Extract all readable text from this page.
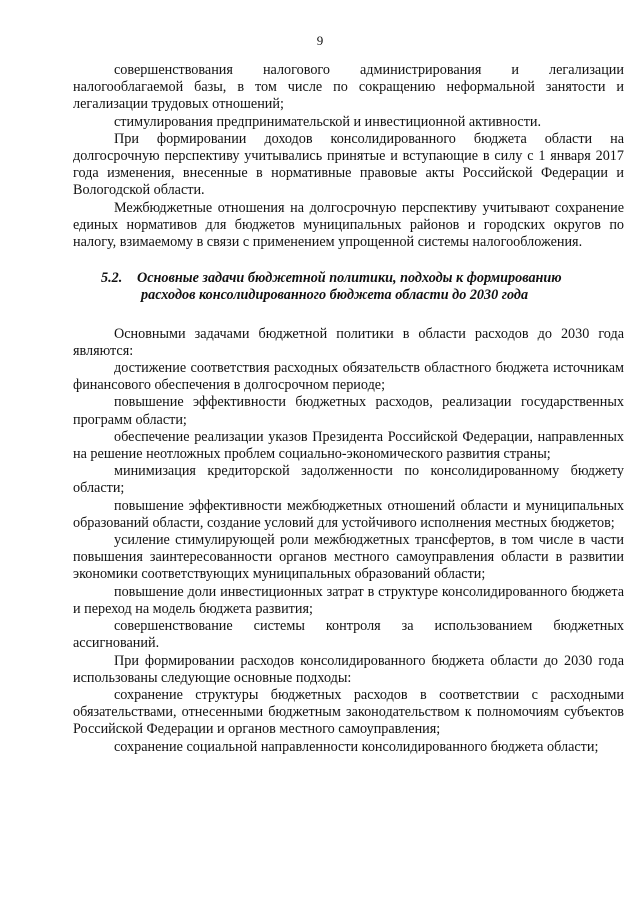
9

совершенствования налогового администрирования и легализации налогооблагаемой базы, в том числе по сокращению неформальной занятости и легализации трудовых отношений;

стимулирования предпринимательской и инвестиционной активности.

При формировании доходов консолидированного бюджета области на долгосрочную перспективу учитывались принятые и вступающие в силу с 1 января 2017 года изменения, внесенные в нормативные правовые акты Российской Федерации и Вологодской области.

Межбюджетные отношения на долгосрочную перспективу учитывают сохранение единых нормативов для бюджетов муниципальных районов и городских округов по налогу, взимаемому в связи с применением упрощенной системы налогообложения.

5.2. Основные задачи бюджетной политики, подходы к формированию
расходов консолидированного бюджета области до 2030 года

Основными задачами бюджетной политики в области расходов до 2030 года являются:

достижение соответствия расходных обязательств областного бюджета источникам финансового обеспечения в долгосрочном периоде;

повышение эффективности бюджетных расходов, реализации государственных программ области;

обеспечение реализации указов Президента Российской Федерации, направленных на решение неотложных проблем социально-экономического развития страны;

минимизация кредиторской задолженности по консолидированному бюджету области;

повышение эффективности межбюджетных отношений области и муниципальных образований области, создание условий для устойчивого исполнения местных бюджетов;

усиление стимулирующей роли межбюджетных трансфертов, в том числе в части повышения заинтересованности органов местного самоуправления области в развитии экономики соответствующих муниципальных образований области;

повышение доли инвестиционных затрат в структуре консолидированного бюджета и переход на модель бюджета развития;

совершенствование системы контроля за использованием бюджетных ассигнований.

При формировании расходов консолидированного бюджета области до 2030 года использованы следующие основные подходы:

сохранение структуры бюджетных расходов в соответствии с расходными обязательствами, отнесенными бюджетным законодательством к полномочиям субъектов Российской Федерации и органов местного самоуправления;

сохранение социальной направленности консолидированного бюджета области;
